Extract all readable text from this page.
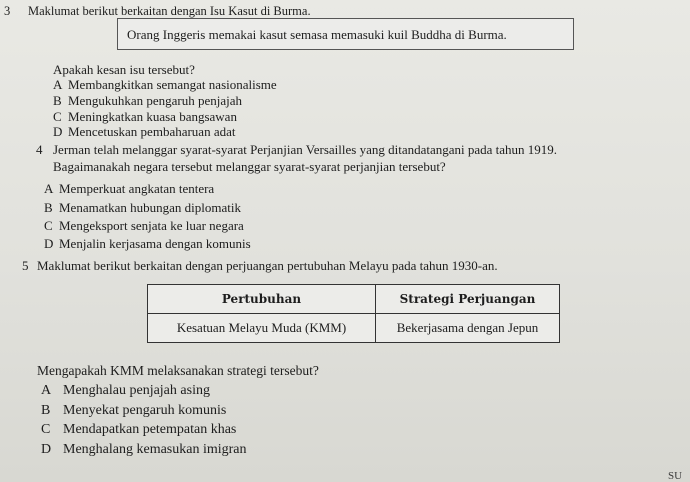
3 Maklumat berikut berkaitan dengan Isu Kasut di Burma.
Orang Inggeris memakai kasut semasa memasuki kuil Buddha di Burma.
Apakah kesan isu tersebut?
A Membangkitkan semangat nasionalisme
B Mengukuhkan pengaruh penjajah
C Meningkatkan kuasa bangsawan
D Mencetuskan pembaharuan adat
4 Jerman telah melanggar syarat-syarat Perjanjian Versailles yang ditandatangani pada tahun 1919.
Bagaimanakah negara tersebut melanggar syarat-syarat perjanjian tersebut?
A Memperkuat angkatan tentera
B Menamatkan hubungan diplomatik
C Mengeksport senjata ke luar negara
D Menjalin kerjasama dengan komunis
5 Maklumat berikut berkaitan dengan perjuangan pertubuhan Melayu pada tahun 1930-an.
Pertubuhan	Strategi Perjuangan
Kesatuan Melayu Muda (KMM)	Bekerjasama dengan Jepun
Mengapakah KMM melaksanakan strategi tersebut?
A Menghalau penjajah asing
B Menyekat pengaruh komunis
C Mendapatkan petempatan khas
D Menghalang kemasukan imigran
SU
